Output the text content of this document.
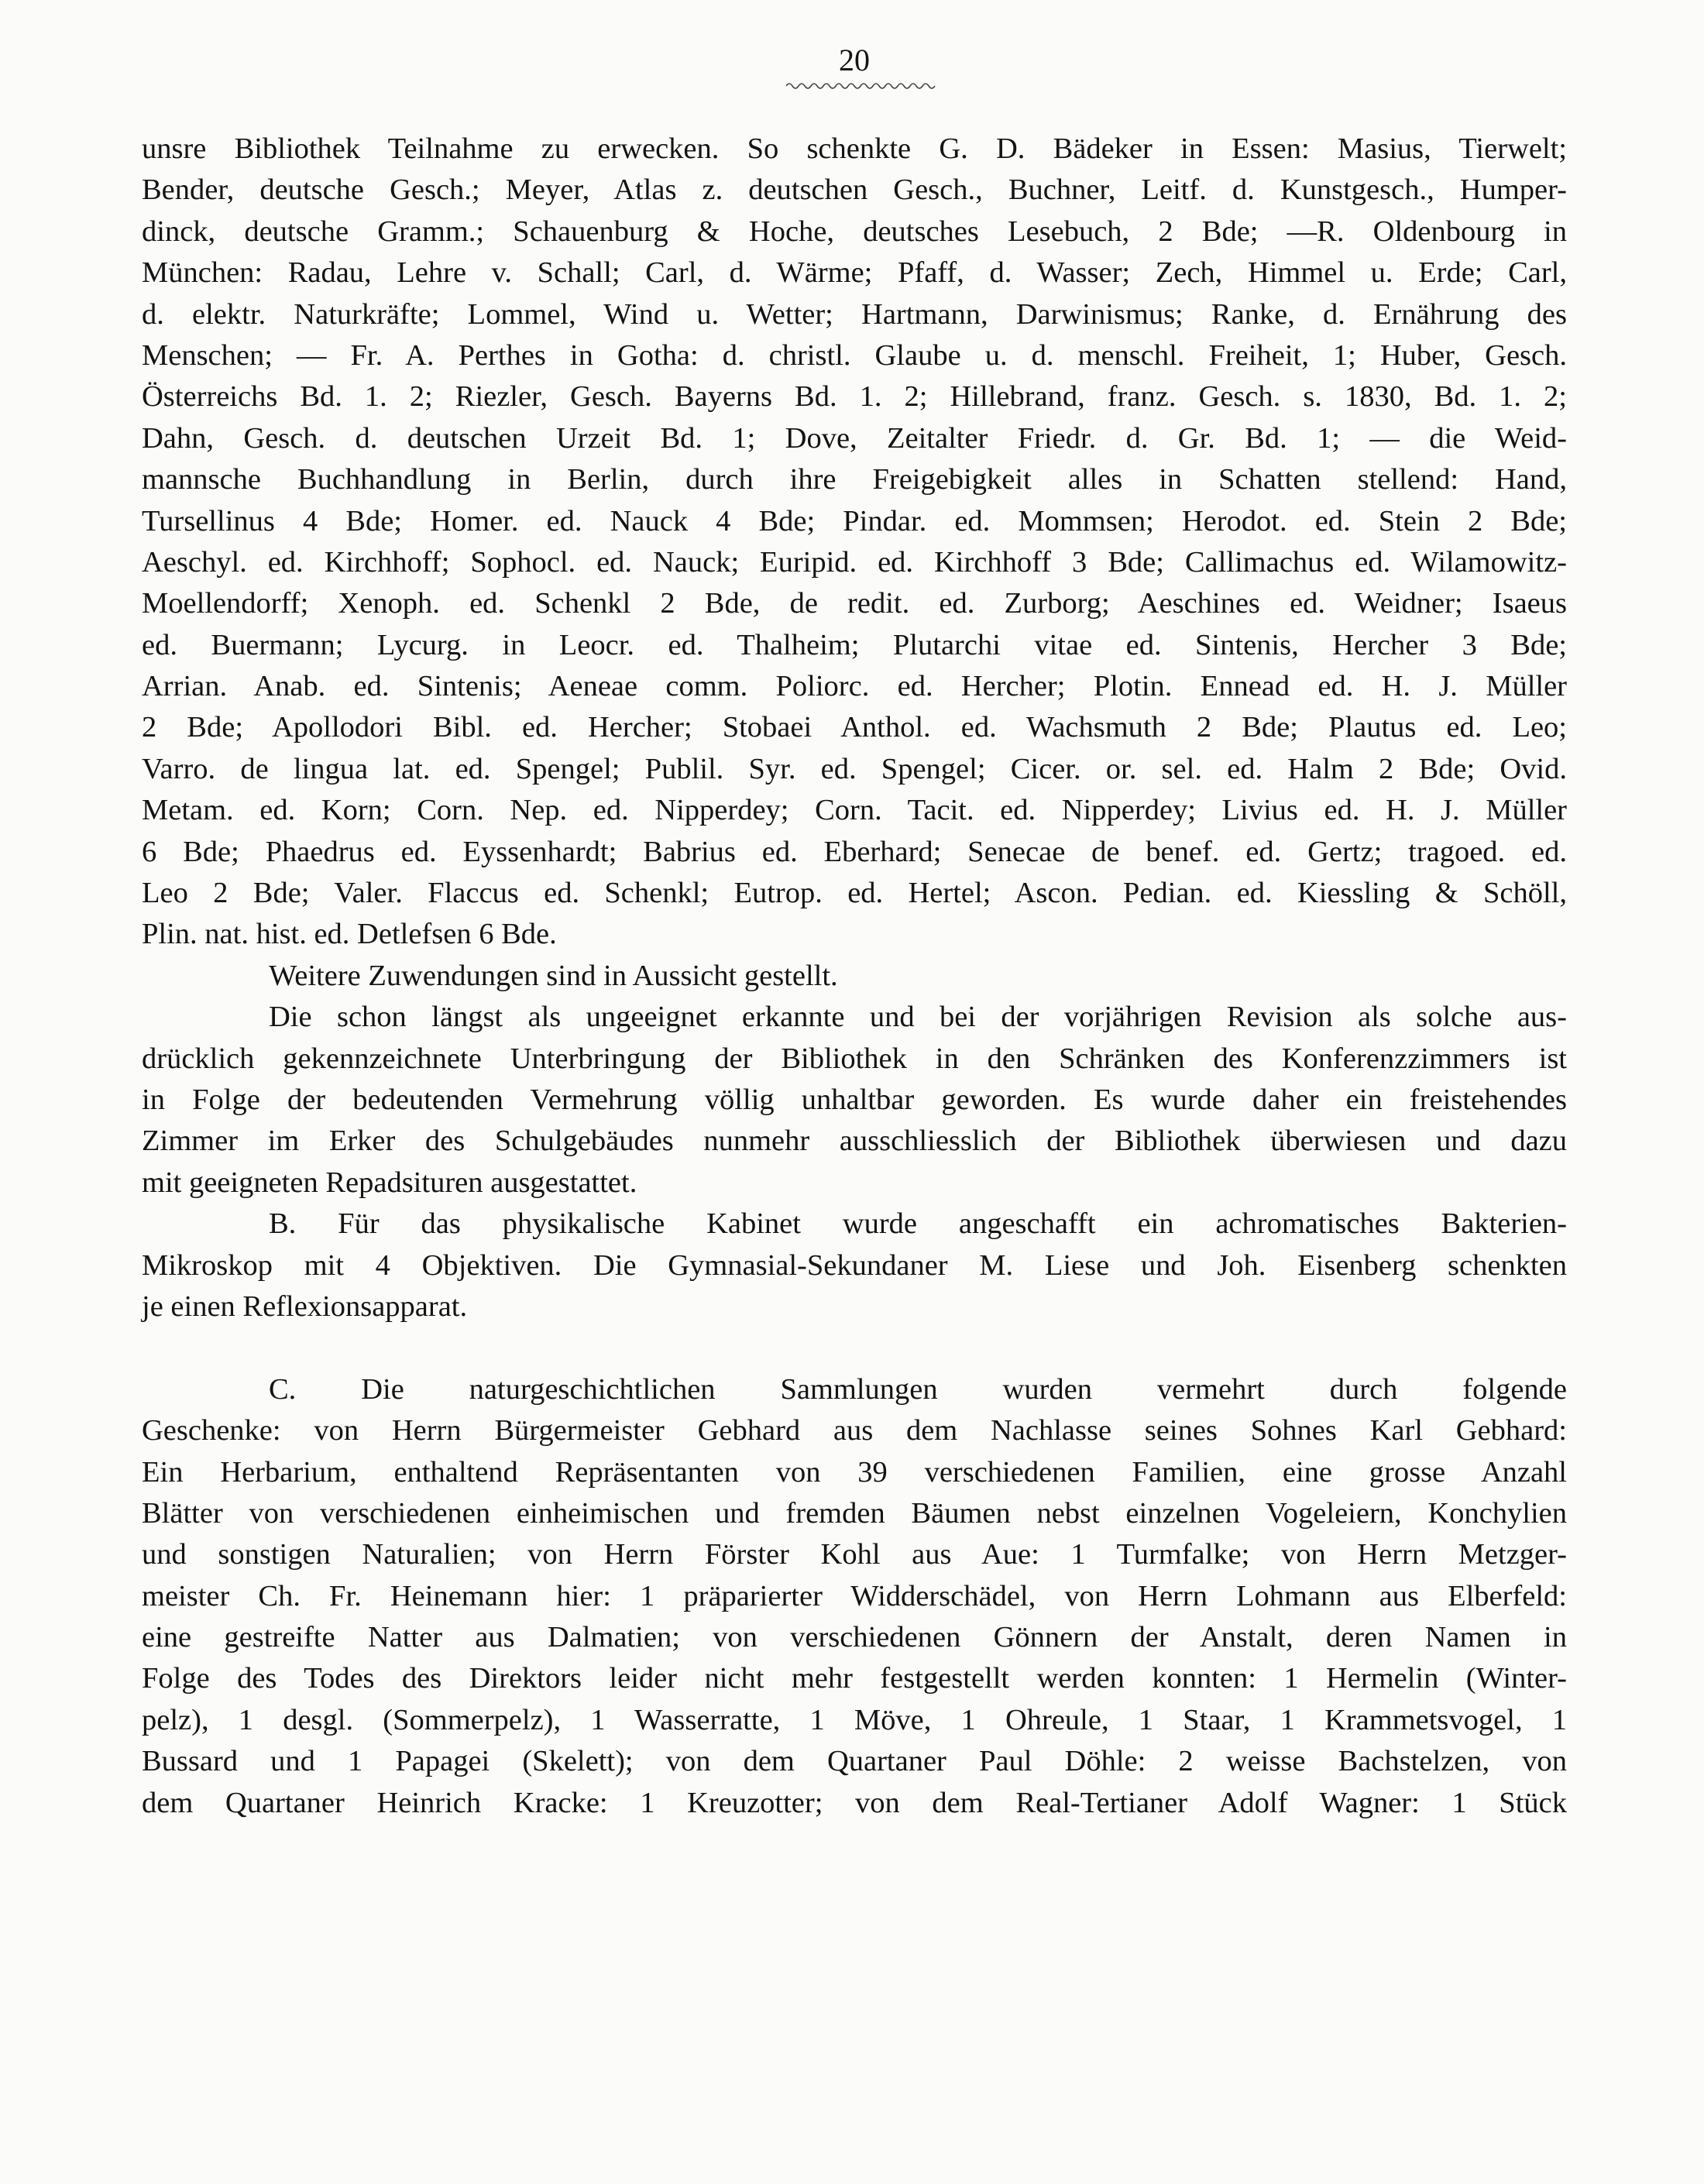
20
unsre Bibliothek Teilnahme zu erwecken. So schenkte G. D. Bädeker in Essen: Masius, Tierwelt;
Bender, deutsche Gesch.; Meyer, Atlas z. deutschen Gesch., Buchner, Leitf. d. Kunstgesch., Humper-
dinck, deutsche Gramm.; Schauenburg & Hoche, deutsches Lesebuch, 2 Bde; —R. Oldenbourg in
München: Radau, Lehre v. Schall; Carl, d. Wärme; Pfaff, d. Wasser; Zech, Himmel u. Erde; Carl,
d. elektr. Naturkräfte; Lommel, Wind u. Wetter; Hartmann, Darwinismus; Ranke, d. Ernährung des
Menschen; — Fr. A. Perthes in Gotha: d. christl. Glaube u. d. menschl. Freiheit, 1; Huber, Gesch.
Österreichs Bd. 1. 2; Riezler, Gesch. Bayerns Bd. 1. 2; Hillebrand, franz. Gesch. s. 1830, Bd. 1. 2;
Dahn, Gesch. d. deutschen Urzeit Bd. 1; Dove, Zeitalter Friedr. d. Gr. Bd. 1; — die Weid-
mannsche Buchhandlung in Berlin, durch ihre Freigebigkeit alles in Schatten stellend: Hand,
Tursellinus 4 Bde; Homer. ed. Nauck 4 Bde; Pindar. ed. Mommsen; Herodot. ed. Stein 2 Bde;
Aeschyl. ed. Kirchhoff; Sophocl. ed. Nauck; Euripid. ed. Kirchhoff 3 Bde; Callimachus ed. Wilamowitz-
Moellendorff; Xenoph. ed. Schenkl 2 Bde, de redit. ed. Zurborg; Aeschines ed. Weidner; Isaeus
ed. Buermann; Lycurg. in Leocr. ed. Thalheim; Plutarchi vitae ed. Sintenis, Hercher 3 Bde;
Arrian. Anab. ed. Sintenis; Aeneae comm. Poliorc. ed. Hercher; Plotin. Ennead ed. H. J. Müller
2 Bde; Apollodori Bibl. ed. Hercher; Stobaei Anthol. ed. Wachsmuth 2 Bde; Plautus ed. Leo;
Varro. de lingua lat. ed. Spengel; Publil. Syr. ed. Spengel; Cicer. or. sel. ed. Halm 2 Bde; Ovid.
Metam. ed. Korn; Corn. Nep. ed. Nipperdey; Corn. Tacit. ed. Nipperdey; Livius ed. H. J. Müller
6 Bde; Phaedrus ed. Eyssenhardt; Babrius ed. Eberhard; Senecae de benef. ed. Gertz; tragoed. ed.
Leo 2 Bde; Valer. Flaccus ed. Schenkl; Eutrop. ed. Hertel; Ascon. Pedian. ed. Kiessling & Schöll,
Plin. nat. hist. ed. Detlefsen 6 Bde.
Weitere Zuwendungen sind in Aussicht gestellt.
Die schon längst als ungeeignet erkannte und bei der vorjährigen Revision als solche aus-
drücklich gekennzeichnete Unterbringung der Bibliothek in den Schränken des Konferenzzimmers ist
in Folge der bedeutenden Vermehrung völlig unhaltbar geworden. Es wurde daher ein freistehendes
Zimmer im Erker des Schulgebäudes nunmehr ausschliesslich der Bibliothek überwiesen und dazu
mit geeigneten Repadsituren ausgestattet.
B. Für das physikalische Kabinet wurde angeschafft ein achromatisches Bakterien-
Mikroskop mit 4 Objektiven. Die Gymnasial-Sekundaner M. Liese und Joh. Eisenberg schenkten
je einen Reflexionsapparat.
C. Die naturgeschichtlichen Sammlungen wurden vermehrt durch folgende
Geschenke: von Herrn Bürgermeister Gebhard aus dem Nachlasse seines Sohnes Karl Gebhard:
Ein Herbarium, enthaltend Repräsentanten von 39 verschiedenen Familien, eine grosse Anzahl
Blätter von verschiedenen einheimischen und fremden Bäumen nebst einzelnen Vogeleiern, Konchylien
und sonstigen Naturalien; von Herrn Förster Kohl aus Aue: 1 Turmfalke; von Herrn Metzger-
meister Ch. Fr. Heinemann hier: 1 präparierter Widderschädel, von Herrn Lohmann aus Elberfeld:
eine gestreifte Natter aus Dalmatien; von verschiedenen Gönnern der Anstalt, deren Namen in
Folge des Todes des Direktors leider nicht mehr festgestellt werden konnten: 1 Hermelin (Winter-
pelz), 1 desgl. (Sommerpelz), 1 Wasserratte, 1 Möve, 1 Ohreule, 1 Staar, 1 Krammetsvogel, 1
Bussard und 1 Papagei (Skelett); von dem Quartaner Paul Döhle: 2 weisse Bachstelzen, von
dem Quartaner Heinrich Kracke: 1 Kreuzotter; von dem Real-Tertianer Adolf Wagner: 1 Stück
